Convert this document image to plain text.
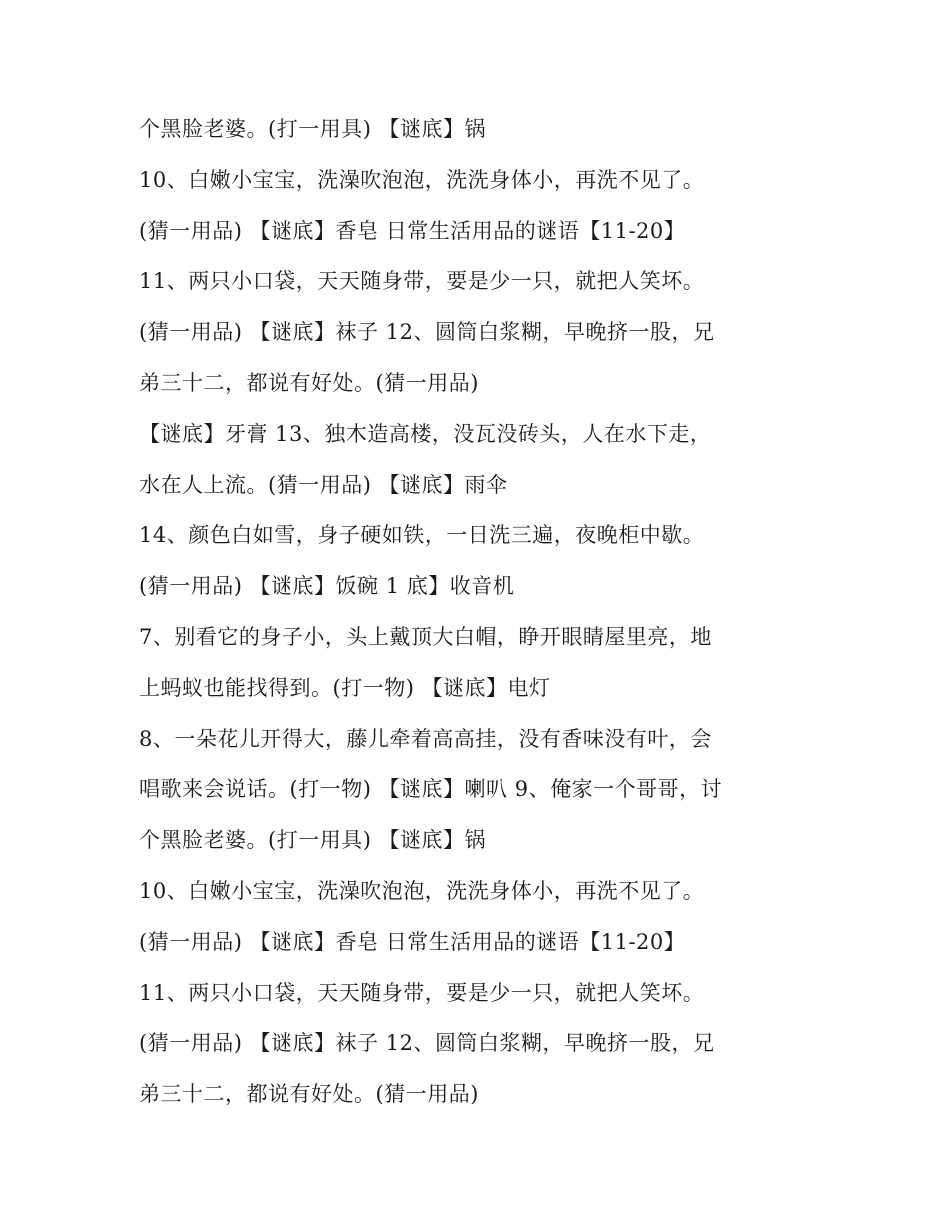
个黑脸老婆。(打一用具) 【谜底】锅
10、白嫩小宝宝，洗澡吹泡泡，洗洗身体小，再洗不见了。
(猜一用品) 【谜底】香皂 日常生活用品的谜语【11-20】
11、两只小口袋，天天随身带，要是少一只，就把人笑坏。
(猜一用品) 【谜底】袜子 12、圆筒白浆糊，早晚挤一股，兄
弟三十二，都说有好处。(猜一用品)
【谜底】牙膏 13、独木造高楼，没瓦没砖头，人在水下走，
水在人上流。(猜一用品) 【谜底】雨伞
14、颜色白如雪，身子硬如铁，一日洗三遍，夜晚柜中歇。
(猜一用品) 【谜底】饭碗 1 底】收音机
7、别看它的身子小，头上戴顶大白帽，睁开眼睛屋里亮，地
上蚂蚁也能找得到。(打一物) 【谜底】电灯
8、一朵花儿开得大，藤儿牵着高高挂，没有香味没有叶，会
唱歌来会说话。(打一物) 【谜底】喇叭 9、俺家一个哥哥，讨
个黑脸老婆。(打一用具) 【谜底】锅
10、白嫩小宝宝，洗澡吹泡泡，洗洗身体小，再洗不见了。
(猜一用品) 【谜底】香皂 日常生活用品的谜语【11-20】
11、两只小口袋，天天随身带，要是少一只，就把人笑坏。
(猜一用品) 【谜底】袜子 12、圆筒白浆糊，早晚挤一股，兄
弟三十二，都说有好处。(猜一用品)
